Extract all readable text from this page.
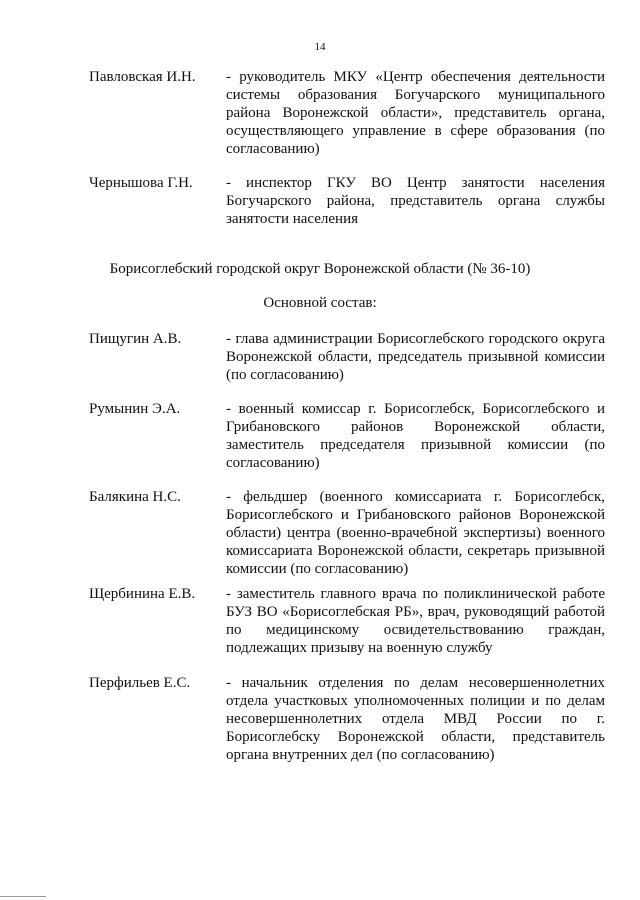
14
Павловская И.Н.	- руководитель МКУ «Центр обеспечения деятельности системы образования Богучарского муниципального района Воронежской области», представитель органа, осуществляющего управление в сфере образования (по согласованию)
Чернышова Г.Н.	- инспектор ГКУ ВО Центр занятости населения Богучарского района, представитель органа службы занятости населения
Борисоглебский городской округ Воронежской области (№ 36-10)
Основной состав:
Пищугин А.В.	- глава администрации Борисоглебского городского округа Воронежской области, председатель призывной комиссии (по согласованию)
Румынин Э.А.	- военный комиссар г. Борисоглебск, Борисоглебского и Грибановского районов Воронежской области, заместитель председателя призывной комиссии (по согласованию)
Балякина Н.С.	- фельдшер (военного комиссариата г. Борисоглебск, Борисоглебского и Грибановского районов Воронежской области) центра (военно-врачебной экспертизы) военного комиссариата Воронежской области, секретарь призывной комиссии (по согласованию)
Щербинина Е.В.	- заместитель главного врача по поликлинической работе БУЗ ВО «Борисоглебская РБ», врач, руководящий работой по медицинскому освидетельствованию граждан, подлежащих призыву на военную службу
Перфильев Е.С.	- начальник отделения по делам несовершеннолетних отдела участковых уполномоченных полиции и по делам несовершеннолетних отдела МВД России по г. Борисоглебску Воронежской области, представитель органа внутренних дел (по согласованию)
